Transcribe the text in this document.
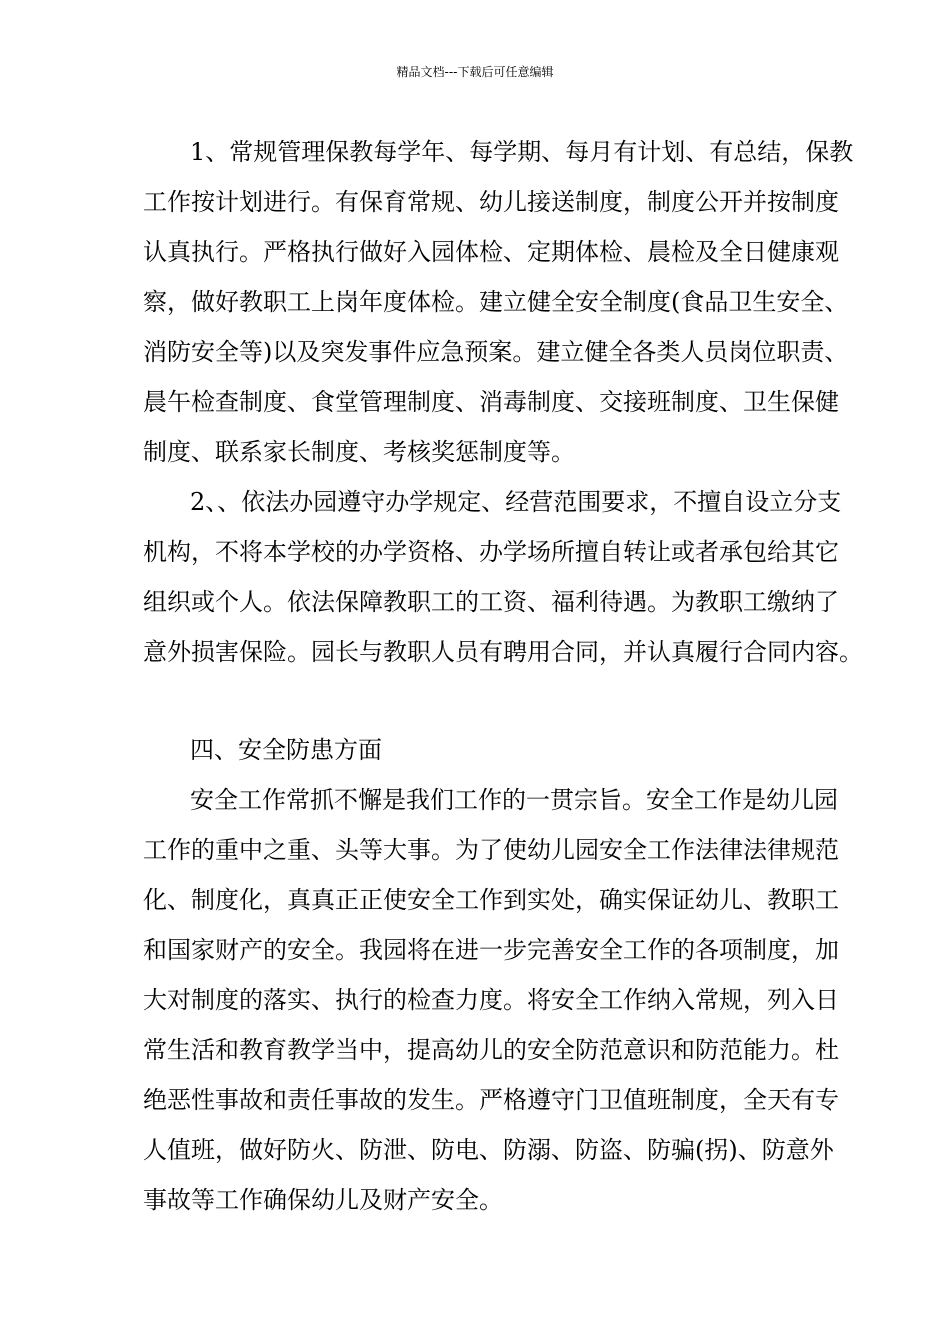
精品文档---下载后可任意编辑
1、常规管理保教每学年、每学期、每月有计划、有总结，保教
工作按计划进行。有保育常规、幼儿接送制度，制度公开并按制度
认真执行。严格执行做好入园体检、定期体检、晨检及全日健康观
察，做好教职工上岗年度体检。建立健全安全制度(食品卫生安全、
消防安全等)以及突发事件应急预案。建立健全各类人员岗位职责、
晨午检查制度、食堂管理制度、消毒制度、交接班制度、卫生保健
制度、联系家长制度、考核奖惩制度等。
2、、依法办园遵守办学规定、经营范围要求，不擅自设立分支
机构，不将本学校的办学资格、办学场所擅自转让或者承包给其它
组织或个人。依法保障教职工的工资、福利待遇。为教职工缴纳了
意外损害保险。园长与教职人员有聘用合同，并认真履行合同内容。
四、安全防患方面
安全工作常抓不懈是我们工作的一贯宗旨。安全工作是幼儿园
工作的重中之重、头等大事。为了使幼儿园安全工作法律法律规范
化、制度化，真真正正使安全工作到实处，确实保证幼儿、教职工
和国家财产的安全。我园将在进一步完善安全工作的各项制度，加
大对制度的落实、执行的检查力度。将安全工作纳入常规，列入日
常生活和教育教学当中，提高幼儿的安全防范意识和防范能力。杜
绝恶性事故和责任事故的发生。严格遵守门卫值班制度，全天有专
人值班，做好防火、防泄、防电、防溺、防盗、防骗(拐)、防意外
事故等工作确保幼儿及财产安全。
